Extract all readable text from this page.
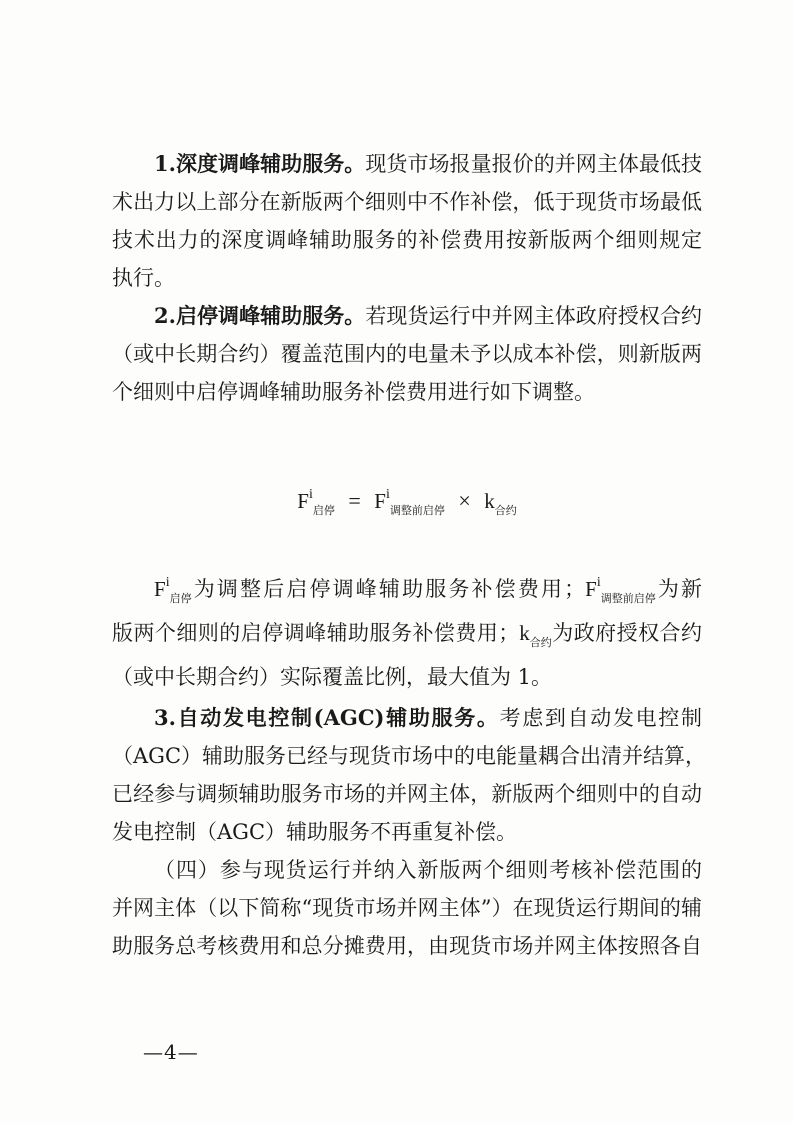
1.深度调峰辅助服务。现货市场报量报价的并网主体最低技
术出力以上部分在新版两个细则中不作补偿，低于现货市场最低
技术出力的深度调峰辅助服务的补偿费用按新版两个细则规定
执行。
2.启停调峰辅助服务。若现货运行中并网主体政府授权合约
（或中长期合约）覆盖范围内的电量未予以成本补偿，则新版两
个细则中启停调峰辅助服务补偿费用进行如下调整。
$F^i_{启停} = F^i_{调整前启停} \times k_{合约}$
$F^i_{启停}$为调整后启停调峰辅助服务补偿费用；$F^i_{调整前启停}$为新
版两个细则的启停调峰辅助服务补偿费用；$k_{合约}$为政府授权合约
（或中长期合约）实际覆盖比例，最大值为 1。
3.自动发电控制(AGC)辅助服务。考虑到自动发电控制
（AGC）辅助服务已经与现货市场中的电能量耦合出清并结算，
已经参与调频辅助服务市场的并网主体，新版两个细则中的自动
发电控制（AGC）辅助服务不再重复补偿。
（四）参与现货运行并纳入新版两个细则考核补偿范围的
并网主体（以下简称“现货市场并网主体”）在现货运行期间的辅
助服务总考核费用和总分摊费用，由现货市场并网主体按照各自
—4—
